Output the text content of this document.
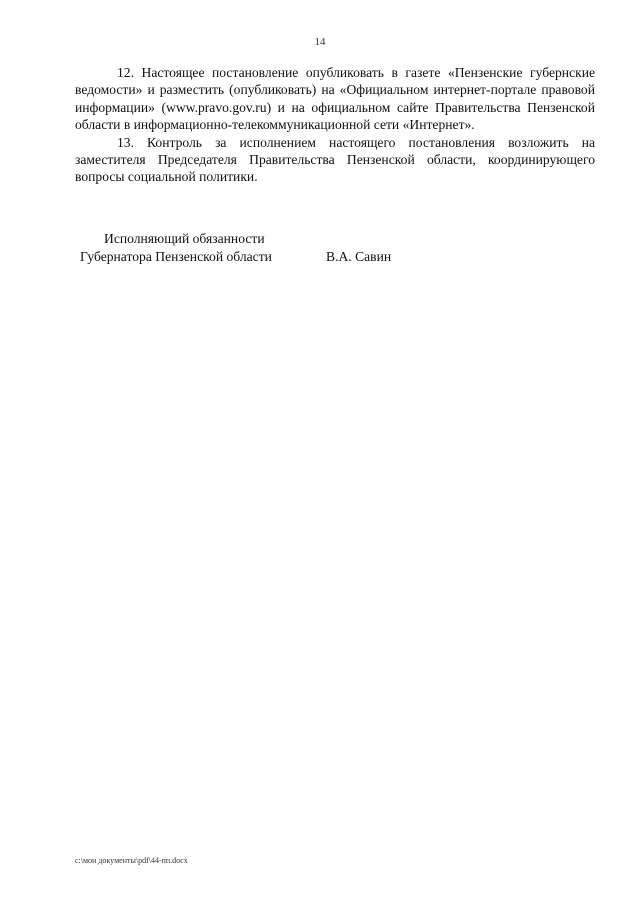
14

12. Настоящее постановление опубликовать в газете «Пензенские губернские ведомости» и разместить (опубликовать) на «Официальном интернет-портале правовой информации» (www.pravo.gov.ru) и на официальном сайте Правительства Пензенской области в информационно-телекоммуникационной сети «Интернет».

13. Контроль за исполнением настоящего постановления возложить на заместителя Председателя Правительства Пензенской области, координирующего вопросы социальной политики.

Исполняющий обязанности
Губернатора Пензенской области	В.А. Савин
c:\мои документы\pdf\44-пп.docx
